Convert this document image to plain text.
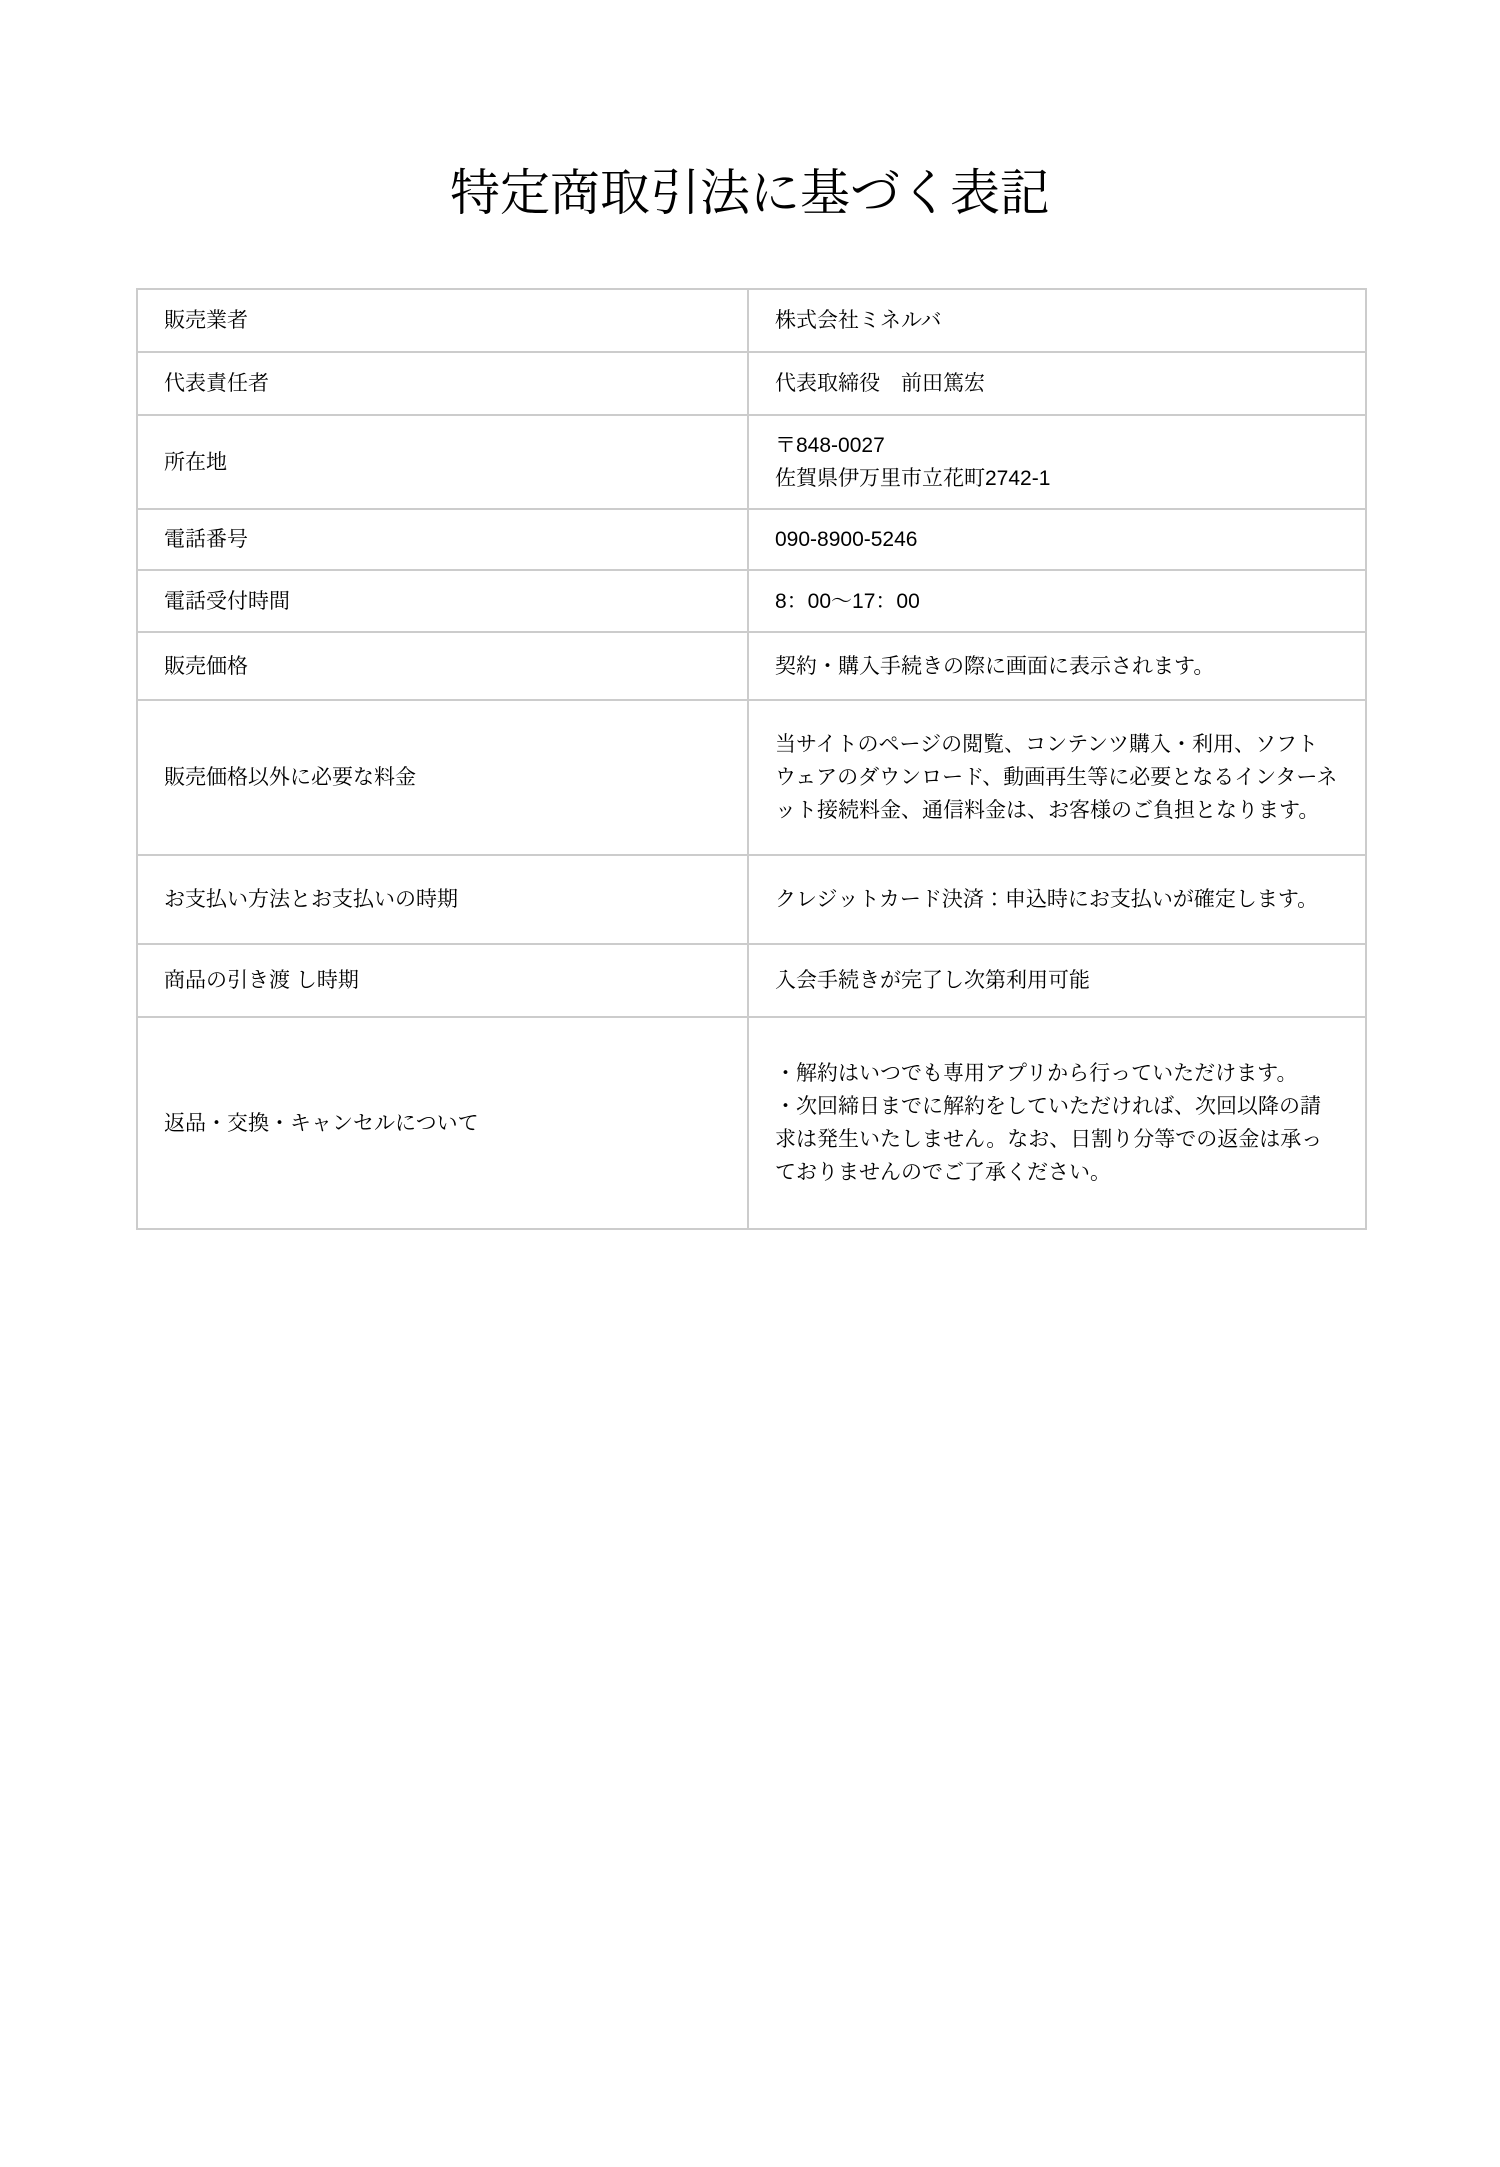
特定商取引法に基づく表記
販売業者	株式会社ミネルバ
代表責任者	代表取締役　前田篤宏
所在地	〒848-0027
佐賀県伊万里市立花町2742-1
電話番号	090-8900-5246
電話受付時間	8：00～17：00
販売価格	契約・購入手続きの際に画面に表示されます。
販売価格以外に必要な料金	当サイトのページの閲覧、コンテンツ購入・利用、ソフトウェアのダウンロード、動画再生等に必要となるインターネット接続料金、通信料金は、お客様のご負担となります。
お支払い方法とお支払いの時期	クレジットカード決済：申込時にお支払いが確定します。
商品の引き渡 し時期	入会手続きが完了し次第利用可能
返品・交換・キャンセルについて	・解約はいつでも専用アプリから行っていただけます。
・次回締日までに解約をしていただければ、次回以降の請求は発生いたしません。なお、日割り分等での返金は承っておりませんのでご了承ください。
